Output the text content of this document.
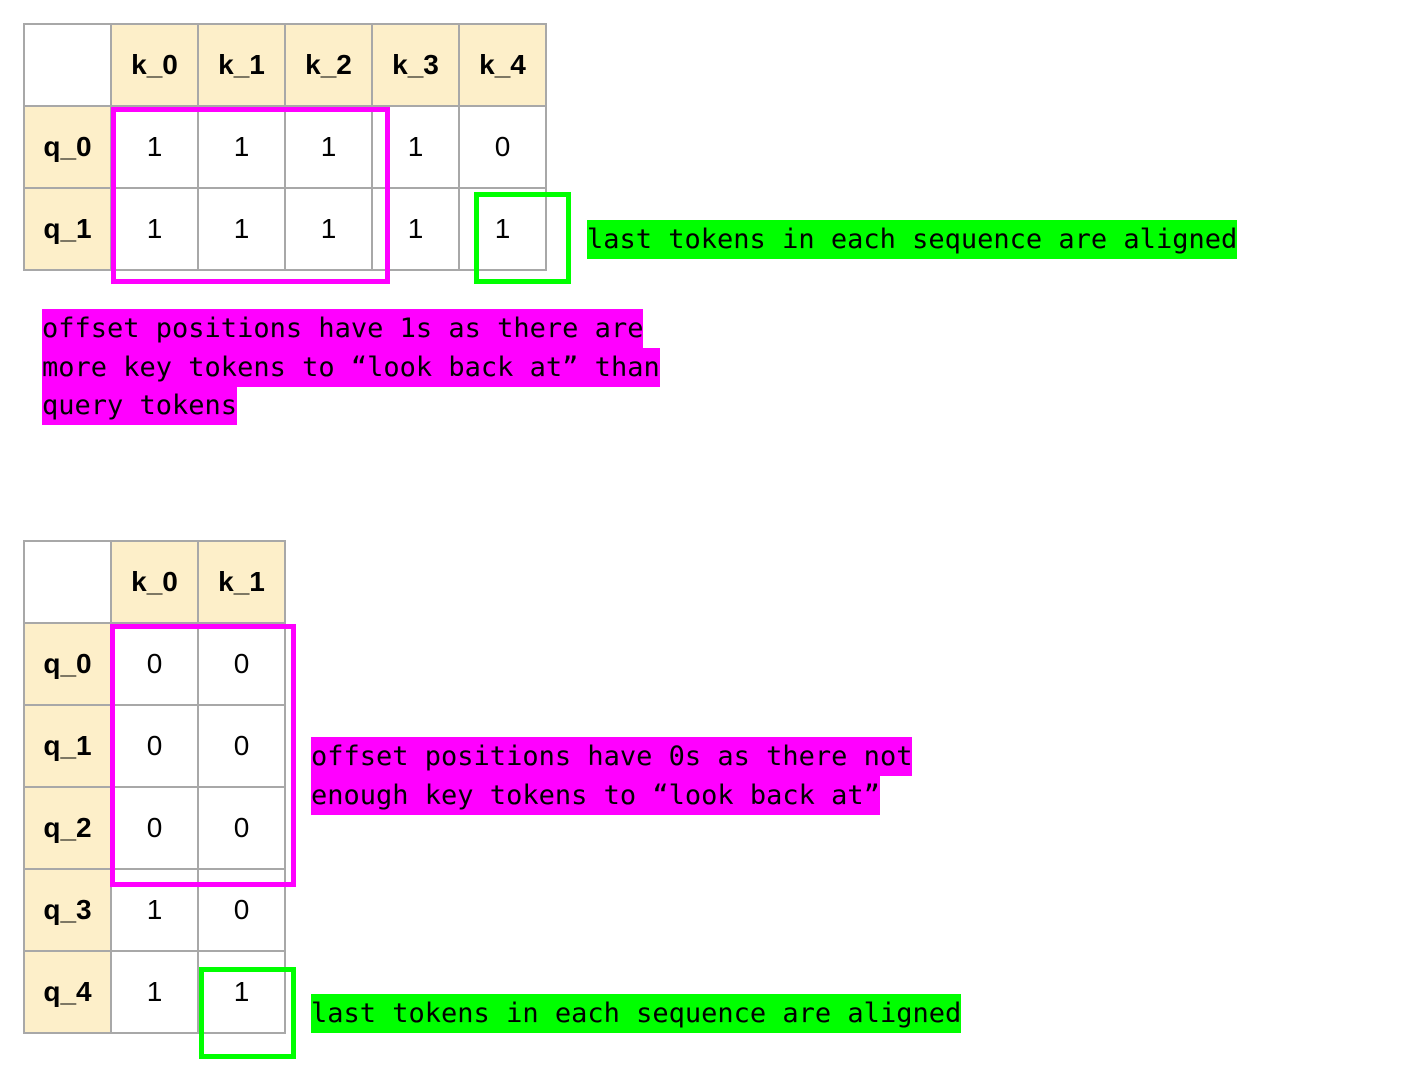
	k_0	k_1	k_2	k_3	k_4
q_0	1	1	1	1	0
q_1	1	1	1	1	1	last tokens in each sequence are aligned
offset positions have 1s as there are
more key tokens to “look back at” than
query tokens
	k_0	k_1
q_0	0	0
q_1	0	0
q_2	0	0
q_3	1	0
q_4	1	1
offset positions have 0s as there not
enough key tokens to “look back at”
last tokens in each sequence are aligned
